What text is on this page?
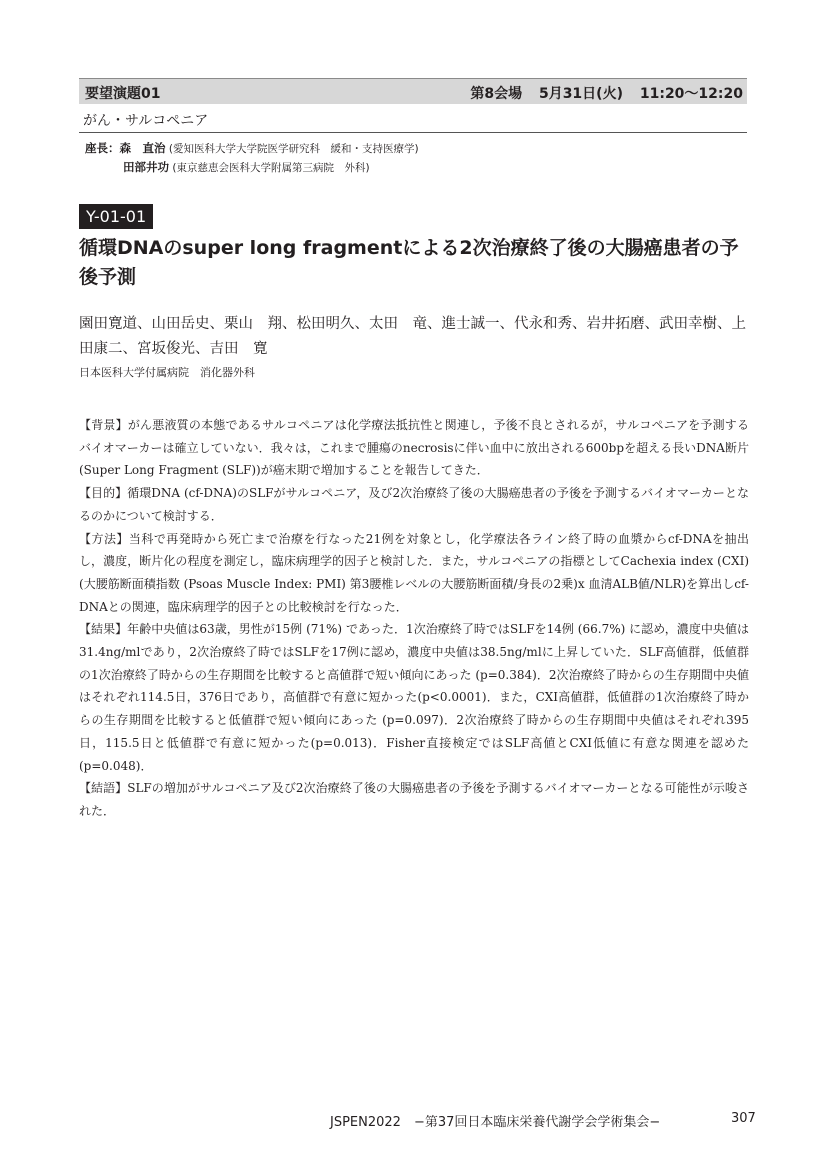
要望演題01	第8会場 5月31日(火) 11:20～12:20
がん・サルコペニア
座長：森　直治 (愛知医科大学大学院医学研究科　緩和・支持医療学)
田部井功 (東京慈恵会医科大学附属第三病院　外科)
Y-01-01
循環DNAのsuper long fragmentによる2次治療終了後の大腸癌患者の予後予測
園田寛道、山田岳史、栗山　翔、松田明久、太田　竜、進士誠一、代永和秀、岩井拓磨、武田幸樹、上田康二、宮坂俊光、吉田　寛
日本医科大学付属病院　消化器外科

【背景】がん悪液質の本態であるサルコペニアは化学療法抵抗性と関連し，予後不良とされるが，サルコペニアを予測するバイオマーカーは確立していない．我々は，これまで腫瘍のnecrosisに伴い血中に放出される600bpを超える長いDNA断片(Super Long Fragment (SLF))が癌末期で増加することを報告してきた．

【目的】循環DNA (cf-DNA)のSLFがサルコペニア，及び2次治療終了後の大腸癌患者の予後を予測するバイオマーカーとなるのかについて検討する．

【方法】当科で再発時から死亡まで治療を行なった21例を対象とし，化学療法各ライン終了時の血漿からcf-DNAを抽出し，濃度，断片化の程度を測定し，臨床病理学的因子と検討した．また，サルコペニアの指標としてCachexia index (CXI) (大腰筋断面積指数 (Psoas Muscle Index: PMI) 第3腰椎レベルの大腰筋断面積/身長の2乗)x 血清ALB値/NLR)を算出しcf-DNAとの関連，臨床病理学的因子との比較検討を行なった．

【結果】年齢中央値は63歳，男性が15例 (71%) であった．1次治療終了時ではSLFを14例 (66.7%) に認め，濃度中央値は31.4ng/mlであり，2次治療終了時ではSLFを17例に認め，濃度中央値は38.5ng/mlに上昇していた．SLF高値群，低値群の1次治療終了時からの生存期間を比較すると高値群で短い傾向にあった (p=0.384)．2次治療終了時からの生存期間中央値はそれぞれ114.5日，376日であり，高値群で有意に短かった(p<0.0001)．また，CXI高値群，低値群の1次治療終了時からの生存期間を比較すると低値群で短い傾向にあった (p=0.097)．2次治療終了時からの生存期間中央値はそれぞれ395日，115.5日と低値群で有意に短かった(p=0.013)．Fisher直接検定ではSLF高値とCXI低値に有意な関連を認めた(p=0.048)．

【結語】SLFの増加がサルコペニア及び2次治療終了後の大腸癌患者の予後を予測するバイオマーカーとなる可能性が示唆された．

JSPEN2022　−第37回日本臨床栄養代謝学会学術集会−	307
